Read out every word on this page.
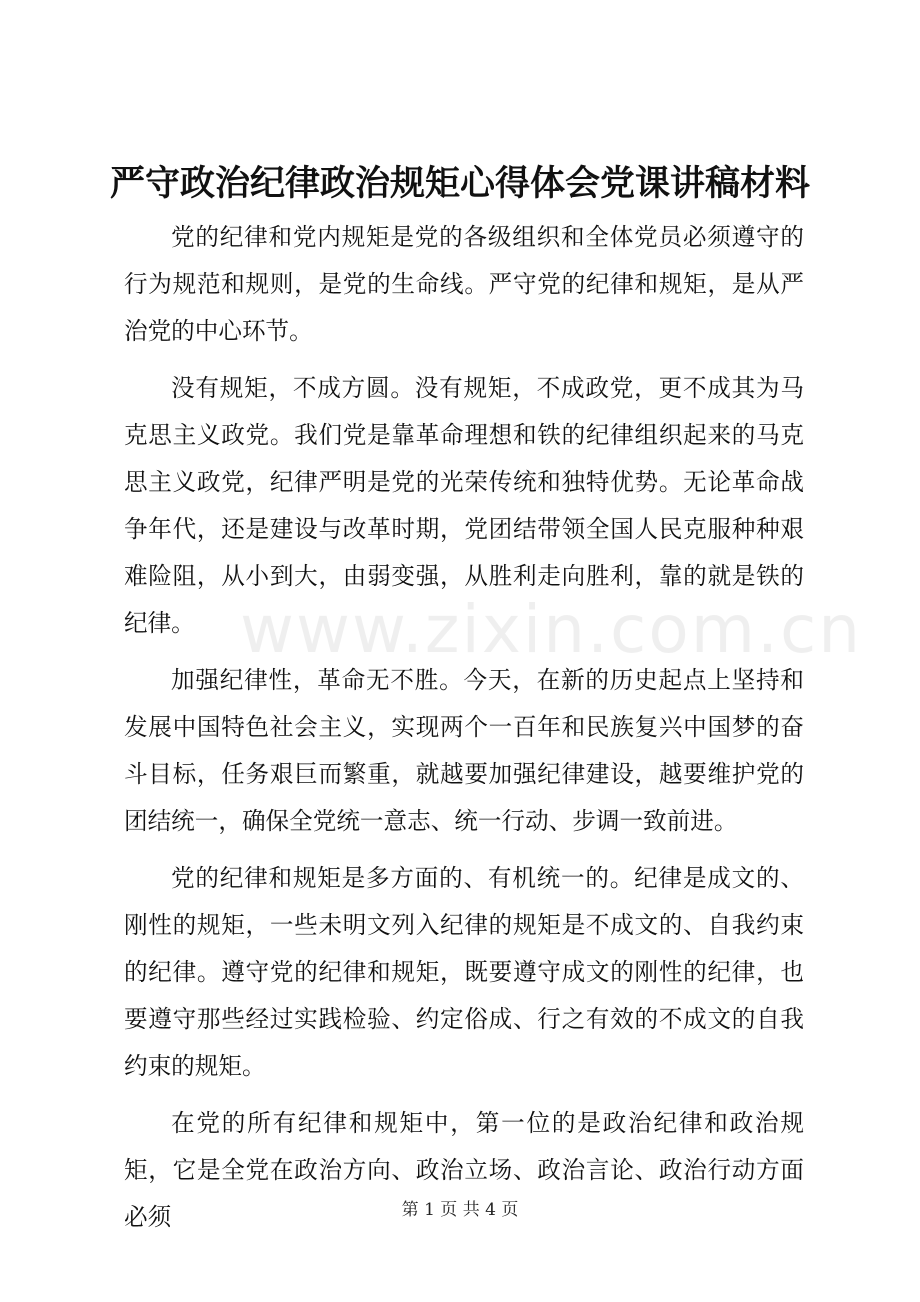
严守政治纪律政治规矩心得体会党课讲稿材料

党的纪律和党内规矩是党的各级组织和全体党员必须遵守的行为规范和规则，是党的生命线。严守党的纪律和规矩，是从严治党的中心环节。

没有规矩，不成方圆。没有规矩，不成政党，更不成其为马克思主义政党。我们党是靠革命理想和铁的纪律组织起来的马克思主义政党，纪律严明是党的光荣传统和独特优势。无论革命战争年代，还是建设与改革时期，党团结带领全国人民克服种种艰难险阻，从小到大，由弱变强，从胜利走向胜利，靠的就是铁的纪律。

加强纪律性，革命无不胜。今天，在新的历史起点上坚持和发展中国特色社会主义，实现两个一百年和民族复兴中国梦的奋斗目标，任务艰巨而繁重，就越要加强纪律建设，越要维护党的团结统一，确保全党统一意志、统一行动、步调一致前进。

党的纪律和规矩是多方面的、有机统一的。纪律是成文的、刚性的规矩，一些未明文列入纪律的规矩是不成文的、自我约束的纪律。遵守党的纪律和规矩，既要遵守成文的刚性的纪律，也要遵守那些经过实践检验、约定俗成、行之有效的不成文的自我约束的规矩。

在党的所有纪律和规矩中，第一位的是政治纪律和政治规矩，它是全党在政治方向、政治立场、政治言论、政治行动方面必须

www.zixin.com.cn
第 1 页 共 4 页
